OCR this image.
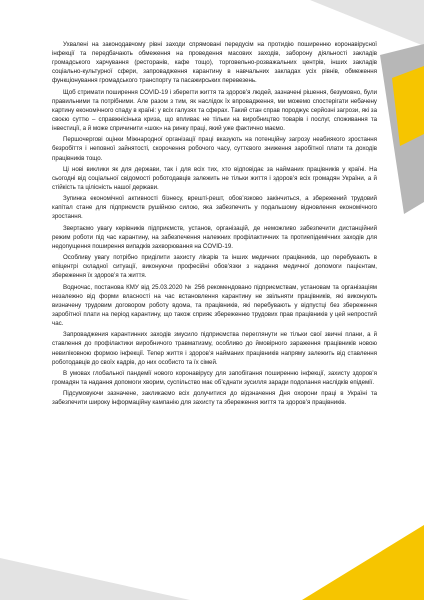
Ухвалені на законодавчому рівні заходи спрямовані передусім на протидію поширенню коронавірусної інфекції та передбачають обмеження на проведення масових заходів, заборону діяльності закладів громадського харчування (ресторанів, кафе тощо), торговельно-розважальних центрів, інших закладів соціально-культурної сфери, запровадження карантину в навчальних закладах усіх рівнів, обмеження функціонування громадського транспорту та пасажирських перевезень.

Щоб стримати поширення COVID-19 і зберегти життя та здоров’я людей, зазначені рішення, безумовно, були правильними та потрібними. Але разом з тим, як наслідок їх впровадження, ми можемо спостерігати небачену картину економічного спаду в країні: у всіх галузях та сферах. Такий стан справ породжує серйозні загрози, які за своєю суттю – справжнісінька криза, що впливає не тільки на виробництво товарів і послуг, споживання та інвестиції, а й може спричинити «шок» на ринку праці, який уже фактично маємо.

Першочергові оцінки Міжнародної організації праці вказують на потенційну загрозу неабиякого зростання безробіття і неповної зайнятості, скорочення робочого часу, суттєвого зниження заробітної плати та доходів працівників тощо.

Ці нові виклики як для держави, так і для всіх тих, хто відповідає за найманих працівників у країні. На сьогодні від соціальної свідомості роботодавців залежить не тільки життя і здоров’я всіх громадян України, а й стійкість та цілісність нашої держави.

Зупинка економічної активності бізнесу, врешті-решт, обов’язково закінчиться, а збережений трудовий капітал стане для підприємств рушійною силою, яка забезпечить у подальшому відновлення економічного зростання.

Звертаємо увагу керівників підприємств, установ, організацій, де неможливо забезпечити дистанційний режим роботи під час карантину, на забезпечення належних профілактичних та протиепідемічних заходів для недопущення поширення випадків захворювання на COVID-19.

Особливу увагу потрібно приділити захисту лікарів та інших медичних працівників, що перебувають в епіцентрі складної ситуації, виконуючи професійні обов’язки з надання медичної допомоги пацієнтам, збереження їх здоров’я та життя.

Водночас, постанова КМУ від 25.03.2020 № 256 рекомендовано підприємствам, установам та організаціям незалежно від форми власності на час встановлення карантину не звільняти працівників, які виконують визначену трудовим договором роботу вдома, та працівників, які перебувають у відпустці без збереження заробітної плати на період карантину, що також сприяє збереженню трудових прав працівників у цей непростий час.

Запроваджения карантинних заходів змусило підприємства переглянути не тільки свої звичні плани, а й ставлення до профілактики виробничого травматизму, особливо до ймовірного зараження працівників новою невиліковною формою інфекції. Тепер життя і здоров’я найманих працівників напряму залежить від ставлення роботодавців до своїх кадрів, до них особисто та їх сімей.

В умовах глобальної пандемії нового коронавірусу для запобігання поширенню інфекції, захисту здоров’я громадян та надання допомоги хворим, суспільство має об’єднати зусилля заради подолання наслідків епідемії.

Підсумовуючи зазначене, закликаємо всіх долучитися до відзначення Дня охорони праці в Україні та забезпечити широку інформаційну кампанію для захисту та збереження життя та здоров’я працівників.
